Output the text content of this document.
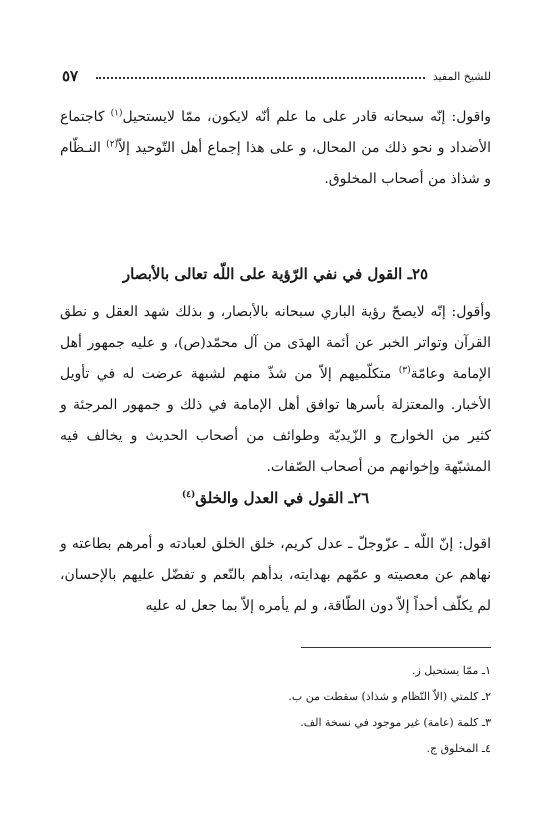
٥٧	للشيخ المفيد

واقول: إنّه سبحانه قادر على ما علم أنّه لايكون، ممّا لايستحيل$^{(١)}$ كاجتماع الأضداد و نحو ذلك من المحال، و على هذا إجماع أهل التّوحيد إلاّ$^{(٢)}$ النـظّام و شذاذ من أصحاب المخلوق.

٢٥ـ القول في نفي الرّؤية على اللّه تعالى بالأبصار

وأقول: إنّه لايصحّ رؤية الباري سبحانه بالأبصار، و بذلك شهد العقل و نطق القرآن وتواتر الخبر عن أئمة الهدَى من آل محمّد(ص)، و عليه جمهور أهل الإمامة وعامّة$^{(٣)}$ متكلّميهم إلاّ من شذّ منهم لشبهة عرضت له في تأويل الأخبار. والمعتزلة بأسرها توافق أهل الإمامة في ذلك و جمهور المرجئة و كثير من الخوارج و الزّيديّة وطوائف من أصحاب الحديث و يخالف فيه المشبّهة وإخوانهم من أصحاب الصّفات.

٢٦ـ القول في العدل والخلق$^{(٤)}$

اقول: إنّ اللّه ـ عزّوجلّ ـ عدل كريم، خلق الخلق لعبادته و أمرهم بطاعته و نهاهم عن معصيته و عمّهم بهدايته، بدأهم بالنّعم و تفضّل عليهم بالإحسان، لم يكلّف أحداً إلاّ دون الطّاقة، و لم يأمره إلاّ بما جعل له عليه

١ـ ممّا يستحيل ز.
٢ـ كلمتي (الاّ النّظام و شذاذ) سقطت من ب.
٣ـ كلمة (عامة) غير موجود في نسخة الف.
٤ـ المخلوق ج.
